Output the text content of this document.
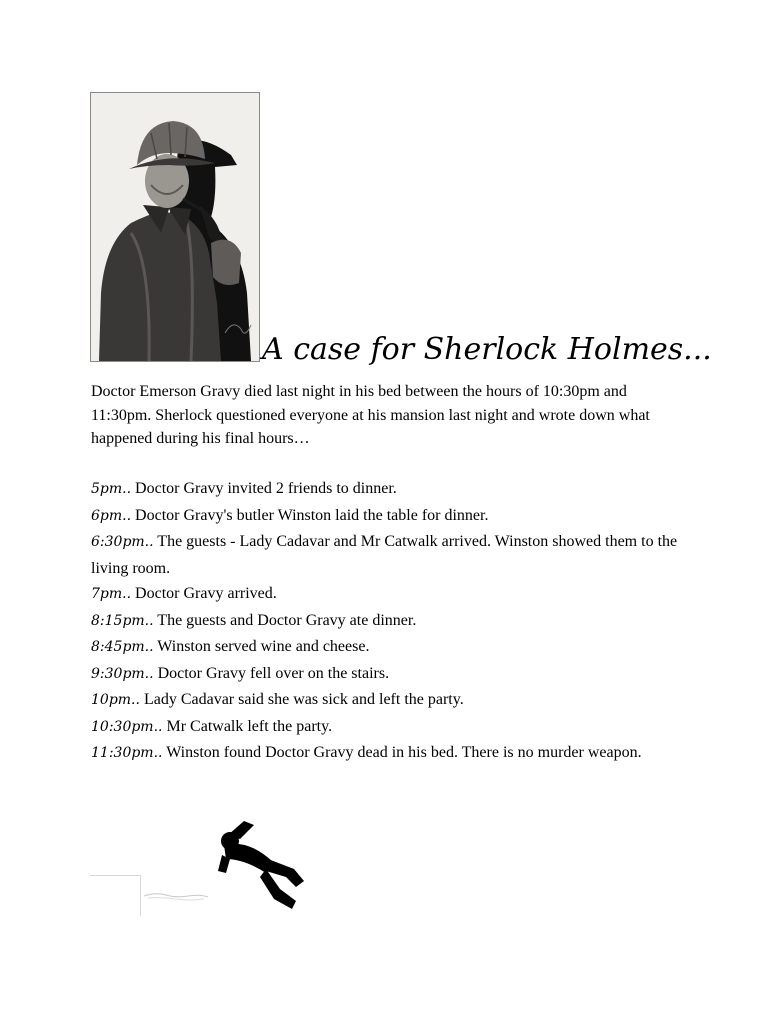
A case for Sherlock Holmes...

Doctor Emerson Gravy died last night in his bed between the hours of 10:30pm and 11:30pm. Sherlock questioned everyone at his mansion last night and wrote down what happened during his final hours…

5pm.. Doctor Gravy invited 2 friends to dinner.
6pm.. Doctor Gravy's butler Winston laid the table for dinner.
6:30pm.. The guests - Lady Cadavar and Mr Catwalk arrived. Winston showed them to the living room.
7pm.. Doctor Gravy arrived.
8:15pm.. The guests and Doctor Gravy ate dinner.
8:45pm.. Winston served wine and cheese.
9:30pm.. Doctor Gravy fell over on the stairs.
10pm.. Lady Cadavar said she was sick and left the party.
10:30pm.. Mr Catwalk left the party.
11:30pm.. Winston found Doctor Gravy dead in his bed. There is no murder weapon.
